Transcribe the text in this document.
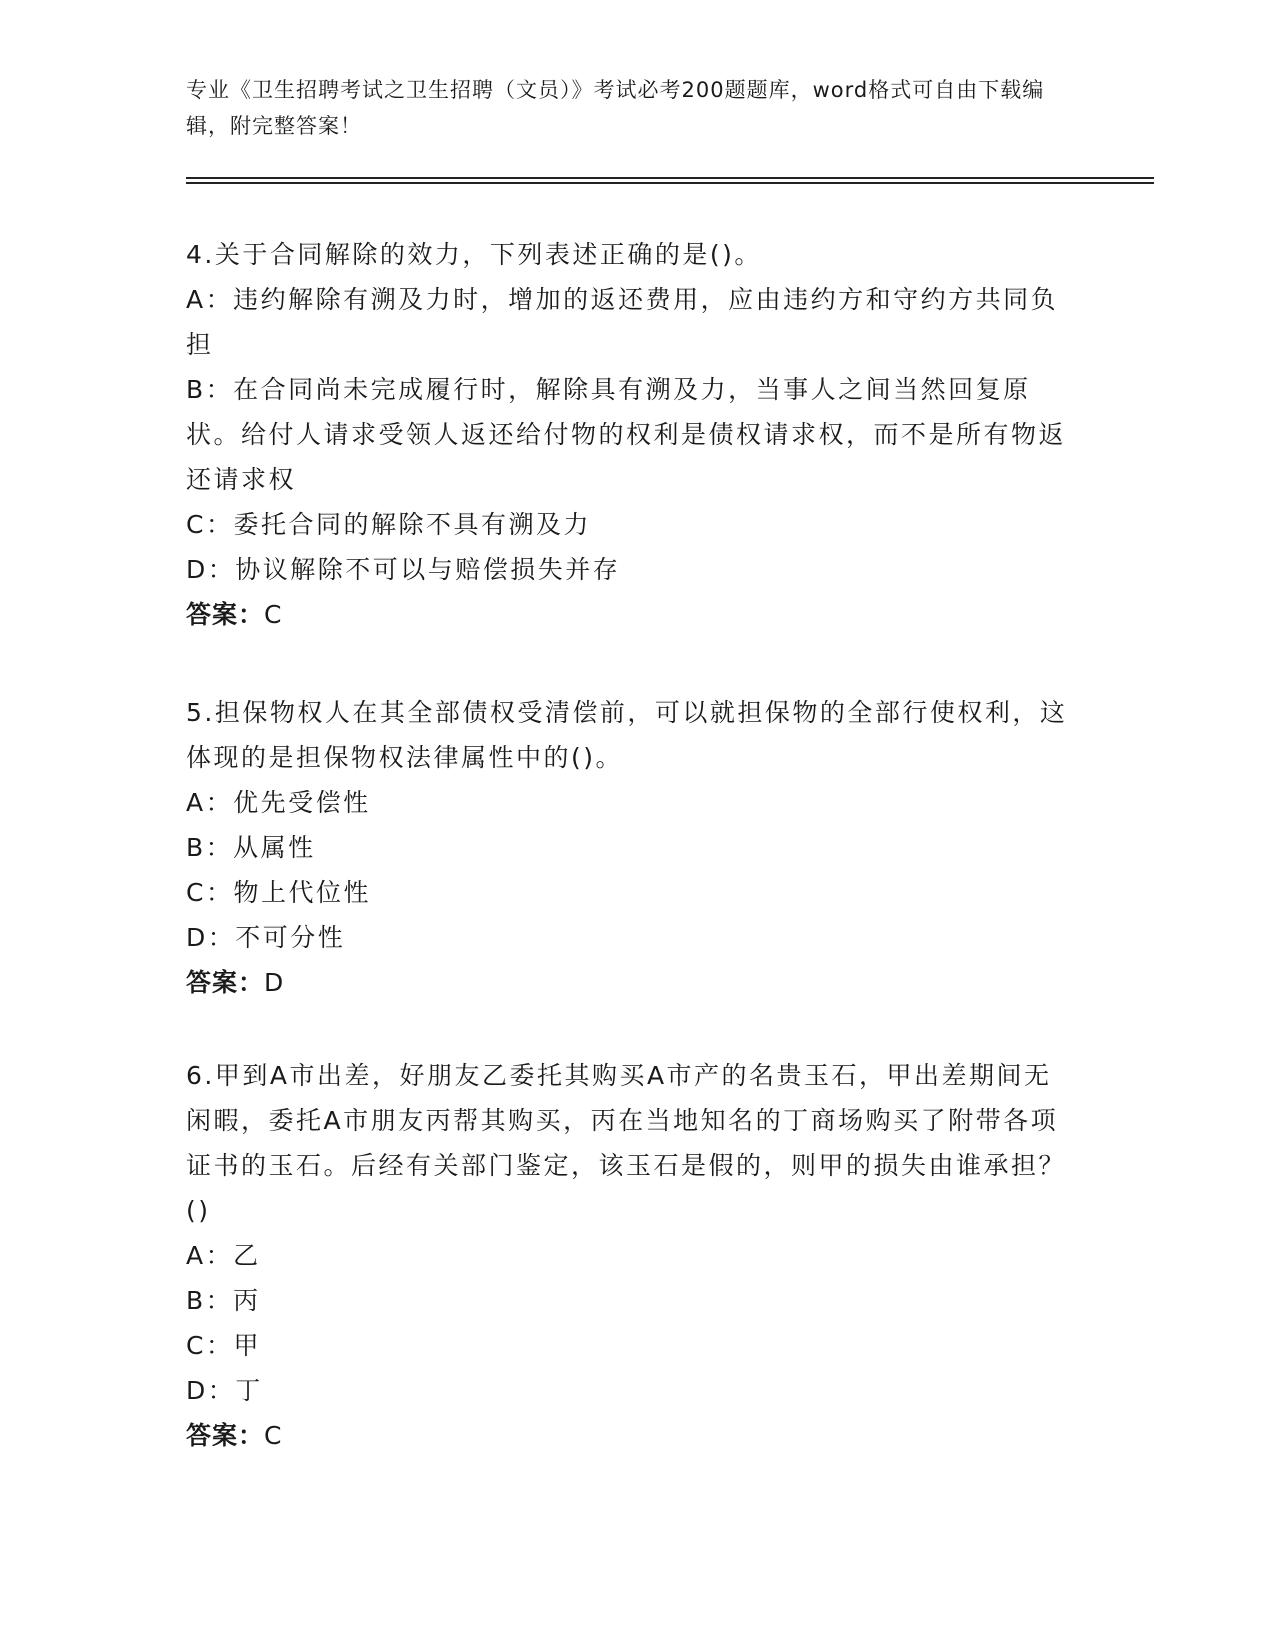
专业《卫生招聘考试之卫生招聘（文员）》考试必考200题题库，word格式可自由下载编辑，附完整答案！

4.关于合同解除的效力，下列表述正确的是()。

A：违约解除有溯及力时，增加的返还费用，应由违约方和守约方共同负担

B：在合同尚未完成履行时，解除具有溯及力，当事人之间当然回复原状。给付人请求受领人返还给付物的权利是债权请求权，而不是所有物返还请求权

C：委托合同的解除不具有溯及力

D：协议解除不可以与赔偿损失并存

答案：C

5.担保物权人在其全部债权受清偿前，可以就担保物的全部行使权利，这体现的是担保物权法律属性中的()。

A：优先受偿性

B：从属性

C：物上代位性

D：不可分性

答案：D

6.甲到A市出差，好朋友乙委托其购买A市产的名贵玉石，甲出差期间无闲暇，委托A市朋友丙帮其购买，丙在当地知名的丁商场购买了附带各项证书的玉石。后经有关部门鉴定，该玉石是假的，则甲的损失由谁承担？()

A：乙

B：丙

C：甲

D：丁

答案：C
